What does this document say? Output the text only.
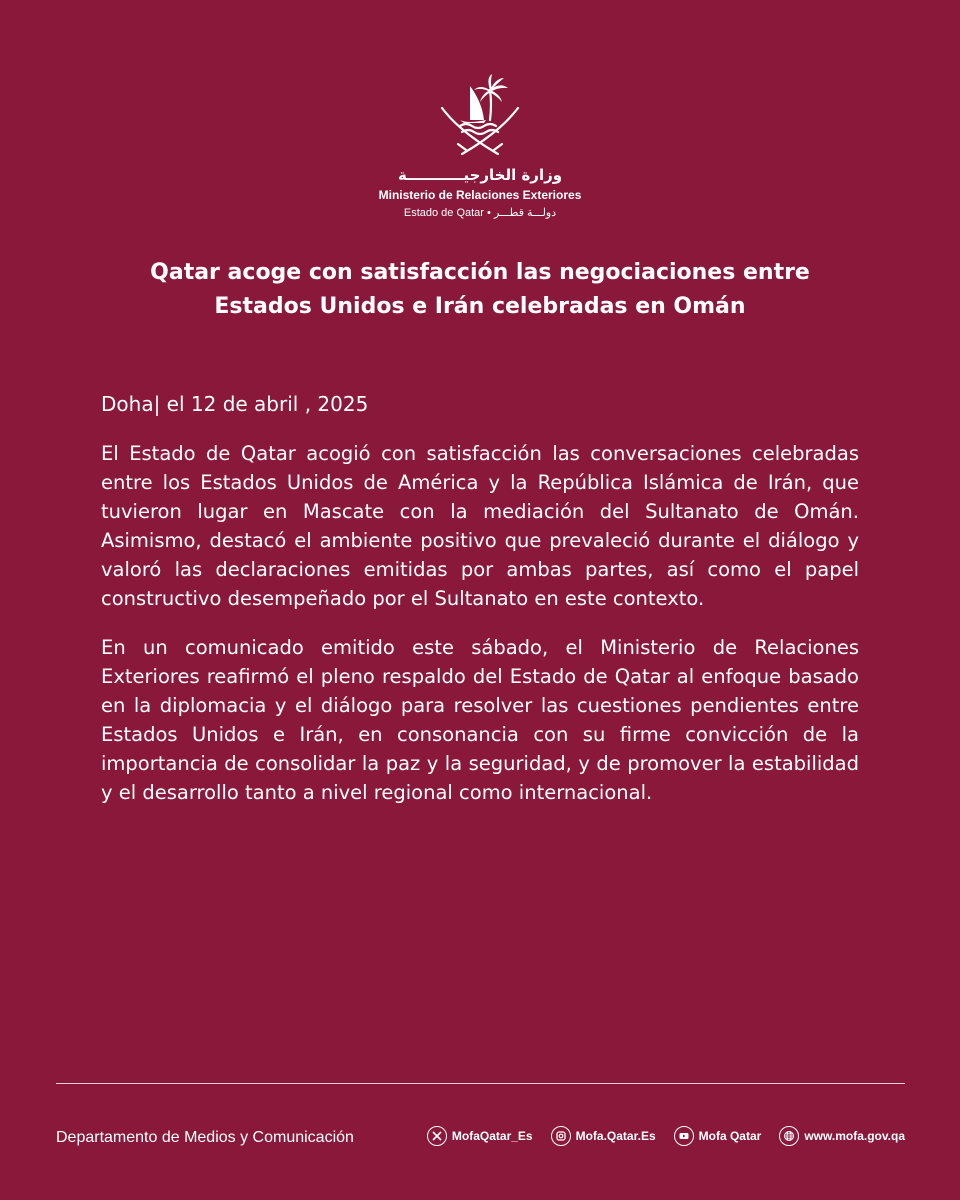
وزارة الخارجيـــــــــــة
Ministerio de Relaciones Exteriores
Estado de Qatar • دولـــة قطـــر
Qatar acoge con satisfacción las negociaciones entre
Estados Unidos e Irán celebradas en Omán

Doha| el 12 de abril , 2025

El Estado de Qatar acogió con satisfacción las conversaciones celebradas entre los Estados Unidos de América y la República Islámica de Irán, que tuvieron lugar en Mascate con la mediación del Sultanato de Omán. Asimismo, destacó el ambiente positivo que prevaleció durante el diálogo y valoró las declaraciones emitidas por ambas partes, así como el papel constructivo desempeñado por el Sultanato en este contexto.

En un comunicado emitido este sábado, el Ministerio de Relaciones Exteriores reafirmó el pleno respaldo del Estado de Qatar al enfoque basado en la diplomacia y el diálogo para resolver las cuestiones pendientes entre Estados Unidos e Irán, en consonancia con su firme convicción de la importancia de consolidar la paz y la seguridad, y de promover la estabilidad y el desarrollo tanto a nivel regional como internacional.

Departamento de Medios y Comunicación	MofaQatar_Es	Mofa.Qatar.Es	Mofa Qatar	www.mofa.gov.qa
